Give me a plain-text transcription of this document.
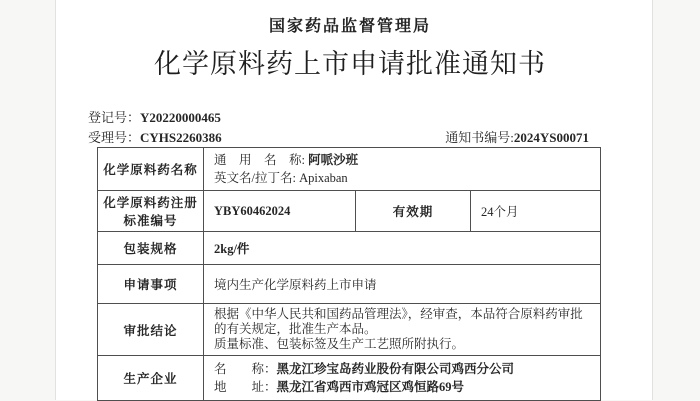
国家药品监督管理局
化学原料药上市申请批准通知书
登记号：Y20220000465
受理号：CYHS2260386	通知书编号:2024YS00071
化学原料药名称	通　用　名　称: 阿哌沙班
英文名/拉丁名: Apixaban		

化学原料药注册标准编号	YBY60462024	有效期	24个月
包装规格	2kg/件		
申请事项	境内生产化学原料药上市申请		
审批结论	根据《中华人民共和国药品管理法》，经审查，本品符合原料药审批的有关规定，批准生产本品。
质量标准、包装标签及生产工艺照所附执行。		

生产企业	名　　称：黑龙江珍宝岛药业股份有限公司鸡西分公司
地　　址：黑龙江省鸡西市鸡冠区鸡恒路69号		
